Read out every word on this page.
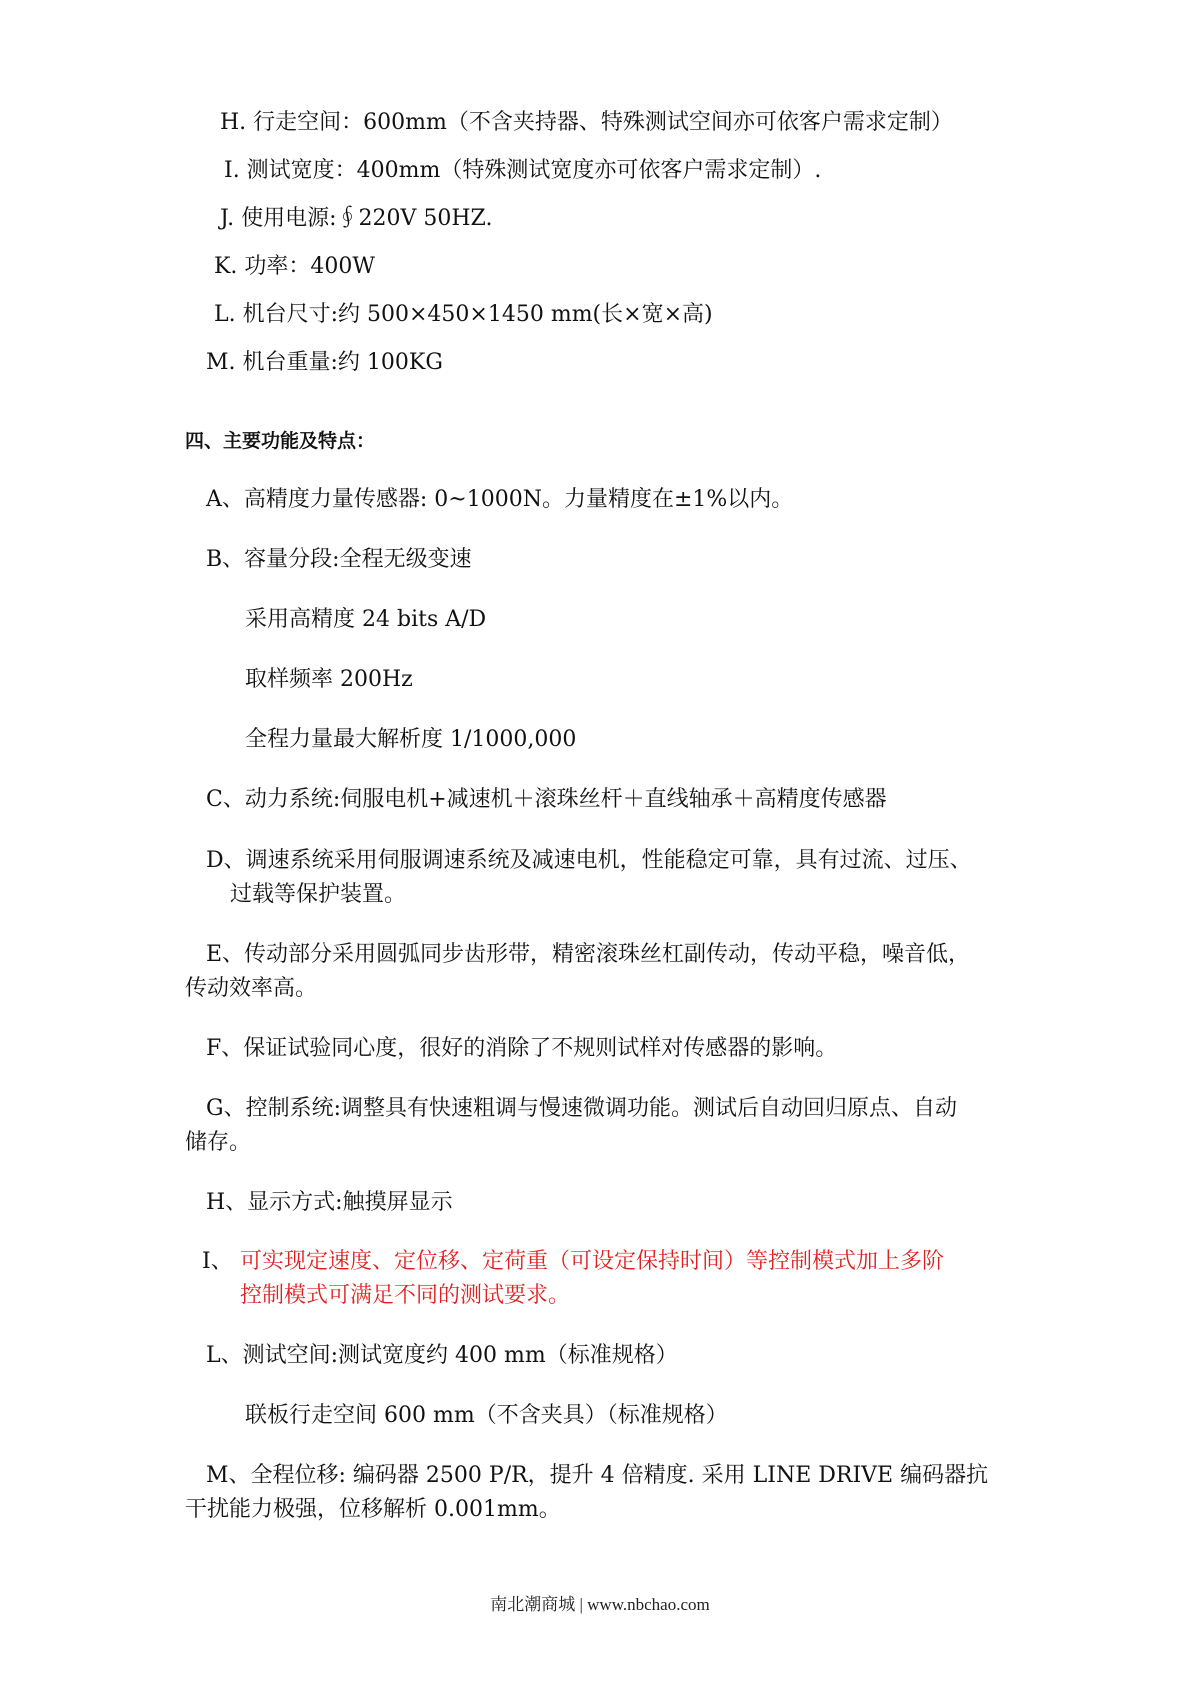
H. 行走空间：600mm（不含夹持器、特殊测试空间亦可依客户需求定制）
I. 测试宽度：400mm（特殊测试宽度亦可依客户需求定制）.
J. 使用电源:∮220V 50HZ.
K. 功率：400W
L. 机台尺寸:约 500×450×1450 mm(长×宽×高)
M. 机台重量:约 100KG
四、主要功能及特点：
A、高精度力量传感器: 0~1000N。力量精度在±1%以内。
B、容量分段:全程无级变速
采用高精度 24 bits A/D
取样频率 200Hz
全程力量最大解析度 1/1000,000
C、动力系统:伺服电机+减速机＋滚珠丝杆＋直线轴承＋高精度传感器
D、调速系统采用伺服调速系统及减速电机，性能稳定可靠，具有过流、过压、
过载等保护装置。
E、传动部分采用圆弧同步齿形带，精密滚珠丝杠副传动，传动平稳，噪音低，
传动效率高。
F、保证试验同心度，很好的消除了不规则试样对传感器的影响。
G、控制系统:调整具有快速粗调与慢速微调功能。测试后自动回归原点、自动
储存。
H、显示方式:触摸屏显示
I、 可实现定速度、定位移、定荷重（可设定保持时间）等控制模式加上多阶
控制模式可满足不同的测试要求。
L、测试空间:测试宽度约 400 mm（标准规格）
联板行走空间 600 mm（不含夹具）（标准规格）
M、全程位移: 编码器 2500 P/R，提升 4 倍精度. 采用 LINE DRIVE 编码器抗
干扰能力极强，位移解析 0.001mm。
南北潮商城 | www.nbchao.com
